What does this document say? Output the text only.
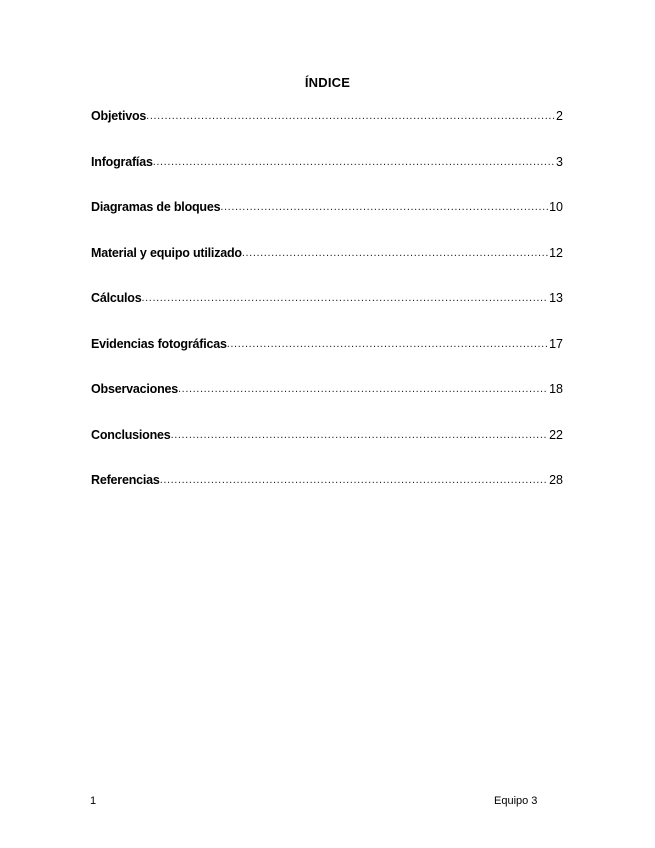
ÍNDICE
Objetivos .....	2
Infografías .....	3
Diagramas de bloques .....	10
Material y equipo utilizado .....	12
Cálculos .....	13
Evidencias fotográficas .....	17
Observaciones .....	18
Conclusiones .....	22
Referencias .....	28
1	Equipo 3
